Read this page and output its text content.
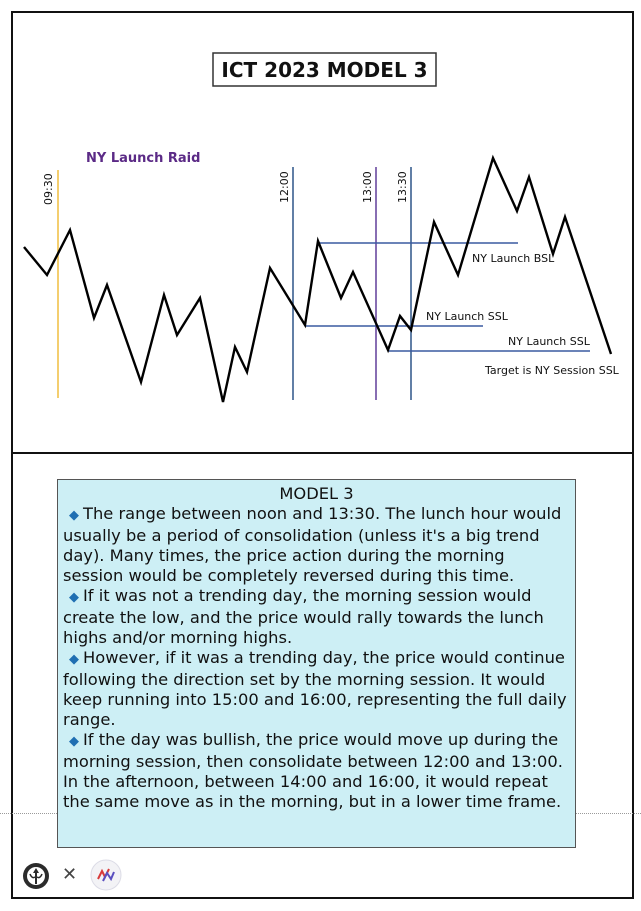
ICT 2023 MODEL 3
NY Launch Raid
09:30	12:00	13:00 13:30
NY Launch BSL
NY Launch SSL
NY Launch SSL
Target is NY Session SSL
MODEL 3

◆ The range between noon and 13:30. The lunch hour would usually be a period of consolidation (unless it's a big trend day). Many times, the price action during the morning session would be completely reversed during this time.

◆ If it was not a trending day, the morning session would create the low, and the price would rally towards the lunch highs and/or morning highs.

◆ However, if it was a trending day, the price would continue following the direction set by the morning session. It would keep running into 15:00 and 16:00, representing the full daily range.

◆ If the day was bullish, the price would move up during the morning session, then consolidate between 12:00 and 13:00. In the afternoon, between 14:00 and 16:00, it would repeat the same move as in the morning, but in a lower time frame.

✕
